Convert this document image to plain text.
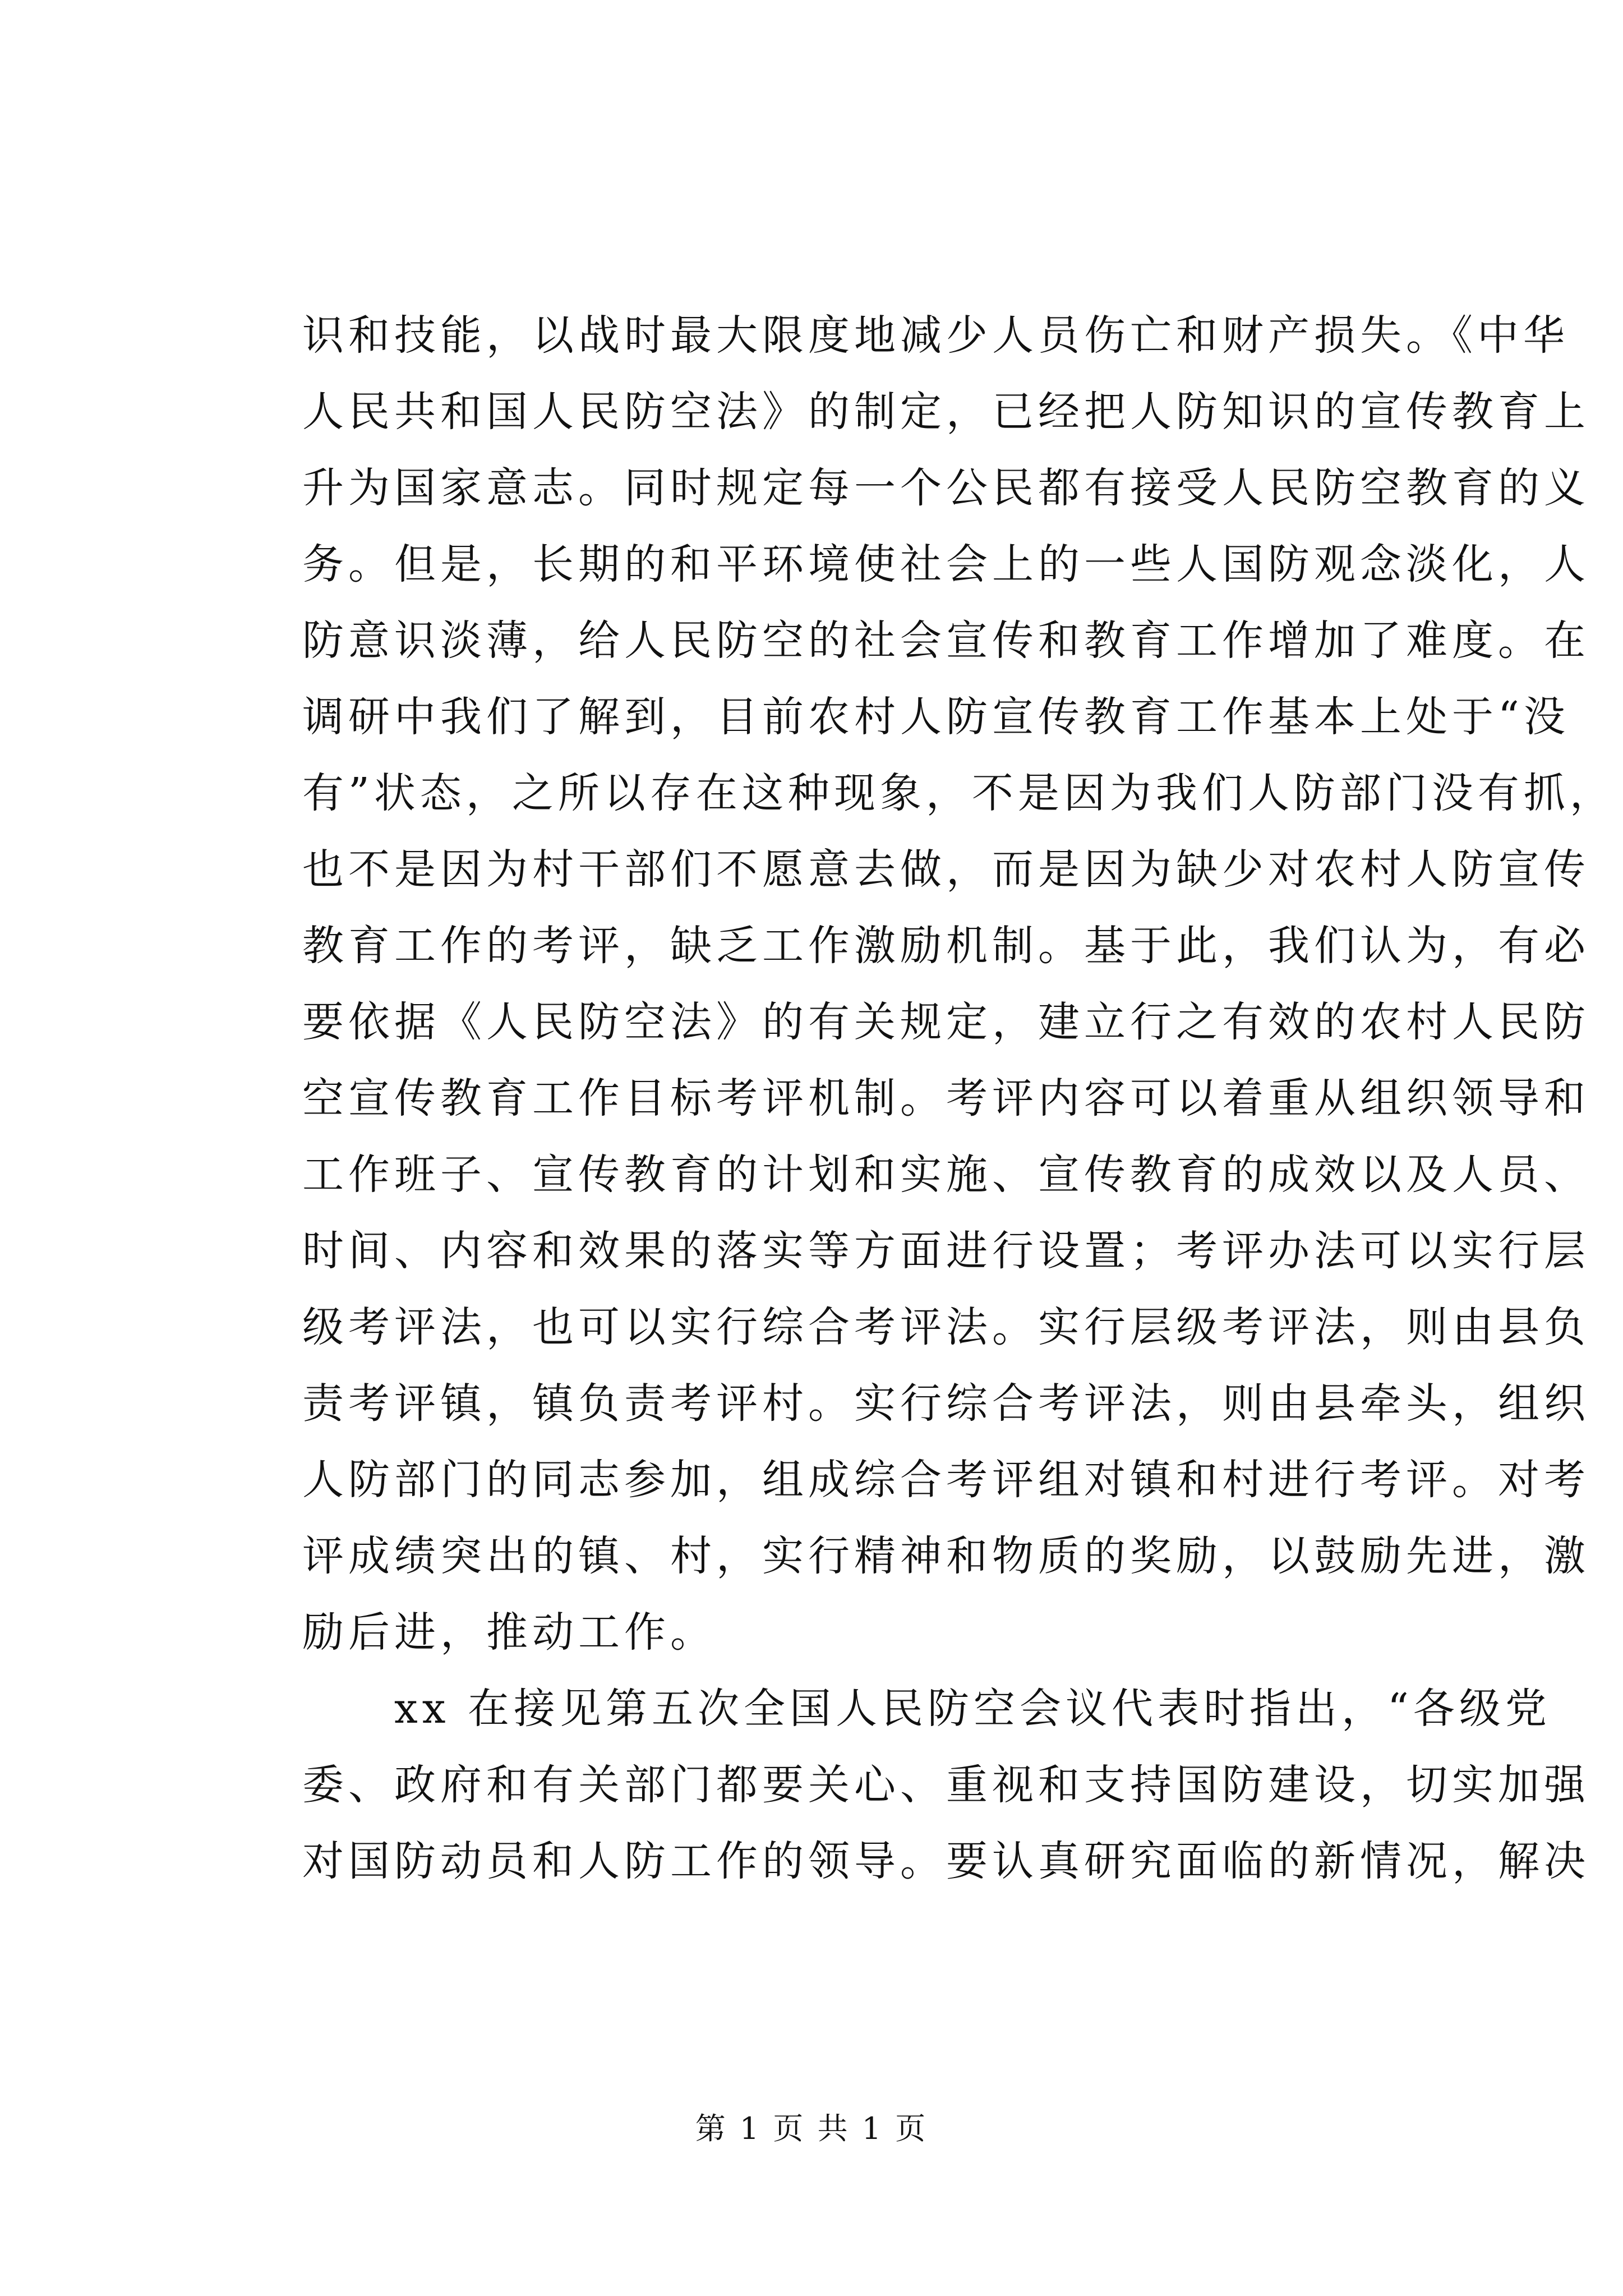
识和技能，以战时最大限度地减少人员伤亡和财产损失。《中华
人民共和国人民防空法》的制定，已经把人防知识的宣传教育上
升为国家意志。同时规定每一个公民都有接受人民防空教育的义
务。但是，长期的和平环境使社会上的一些人国防观念淡化，人
防意识淡薄，给人民防空的社会宣传和教育工作增加了难度。在
调研中我们了解到，目前农村人防宣传教育工作基本上处于“没
有”状态，之所以存在这种现象，不是因为我们人防部门没有抓，
也不是因为村干部们不愿意去做，而是因为缺少对农村人防宣传
教育工作的考评，缺乏工作激励机制。基于此，我们认为，有必
要依据《人民防空法》的有关规定，建立行之有效的农村人民防
空宣传教育工作目标考评机制。考评内容可以着重从组织领导和
工作班子、宣传教育的计划和实施、宣传教育的成效以及人员、
时间、内容和效果的落实等方面进行设置；考评办法可以实行层
级考评法，也可以实行综合考评法。实行层级考评法，则由县负
责考评镇，镇负责考评村。实行综合考评法，则由县牵头，组织
人防部门的同志参加，组成综合考评组对镇和村进行考评。对考
评成绩突出的镇、村，实行精神和物质的奖励，以鼓励先进，激
励后进，推动工作。

　　xx 在接见第五次全国人民防空会议代表时指出，“各级党
委、政府和有关部门都要关心、重视和支持国防建设，切实加强
对国防动员和人防工作的领导。要认真研究面临的新情况，解决

第 1 页 共 1 页
